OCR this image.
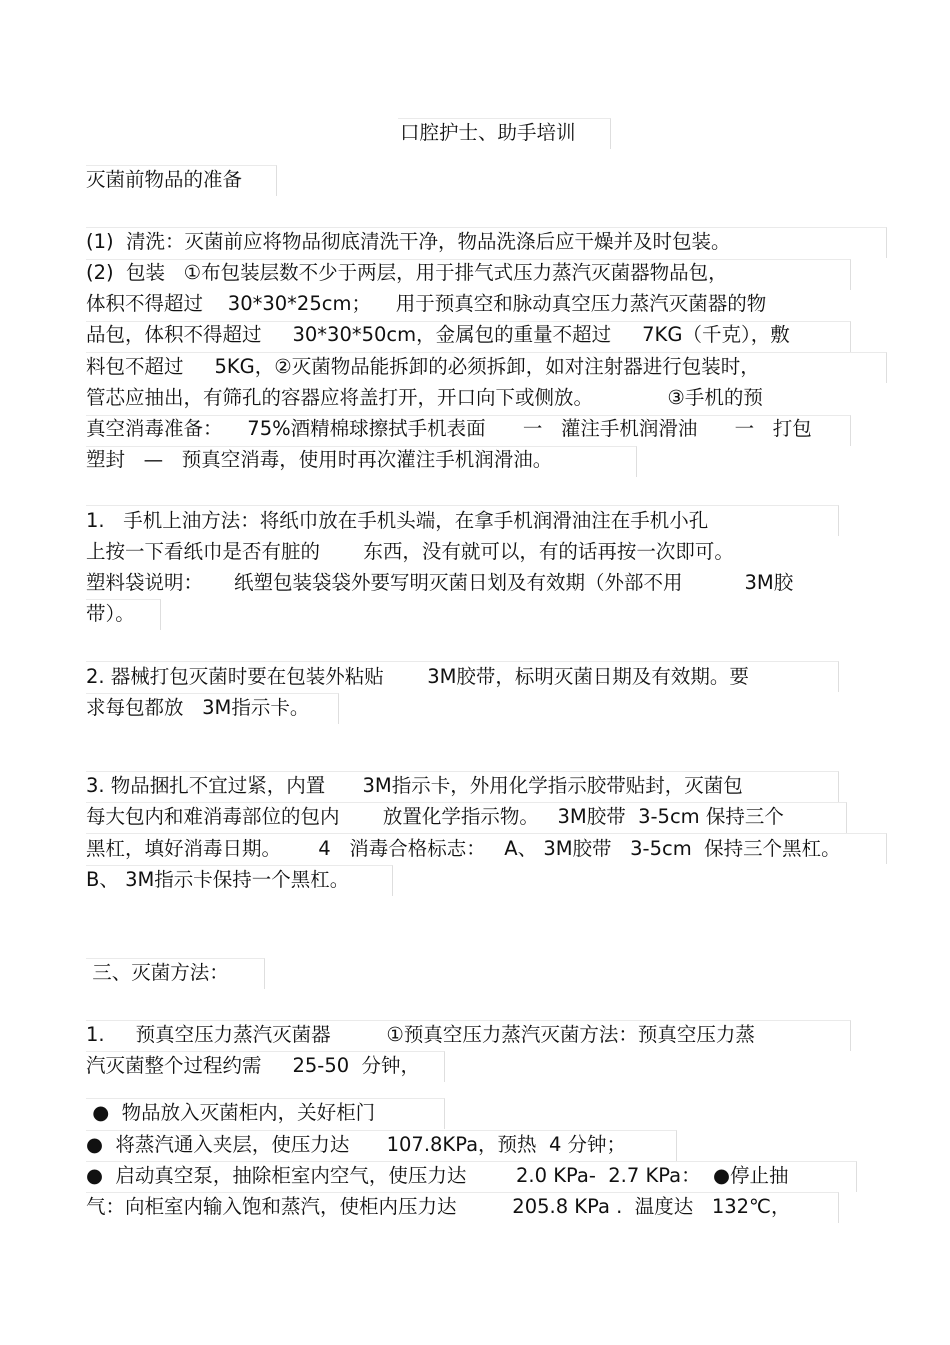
口腔护士、助手培训
灭菌前物品的准备
(1)  清洗：灭菌前应将物品彻底清洗干净，物品洗涤后应干燥并及时包装。
(2)  包装   ①布包装层数不少于两层，用于排气式压力蒸汽灭菌器物品包，
体积不得超过    30*30*25cm；    用于预真空和脉动真空压力蒸汽灭菌器的物
品包，体积不得超过     30*30*50cm，金属包的重量不超过     7KG（千克），敷
料包不超过     5KG，②灭菌物品能拆卸的必须拆卸，如对注射器进行包装时，
管芯应抽出，有筛孔的容器应将盖打开，开口向下或侧放。            ③手机的预
真空消毒准备：    75%酒精棉球擦拭手机表面      一   灌注手机润滑油      一   打包
塑封   —   预真空消毒，使用时再次灌注手机润滑油。
1.   手机上油方法：将纸巾放在手机头端，在拿手机润滑油注在手机小孔
上按一下看纸巾是否有脏的       东西，没有就可以，有的话再按一次即可。
塑料袋说明：     纸塑包装袋袋外要写明灭菌日划及有效期（外部不用          3M胶
带）。
2. 器械打包灭菌时要在包装外粘贴       3M胶带，标明灭菌日期及有效期。要
求每包都放   3M指示卡。
3. 物品捆扎不宜过紧，内置      3M指示卡，外用化学指示胶带贴封，灭菌包
每大包内和难消毒部位的包内       放置化学指示物。   3M胶带  3-5cm 保持三个
黑杠，填好消毒日期。      4   消毒合格标志：   A、 3M胶带   3-5cm  保持三个黑杠。
B、 3M指示卡保持一个黑杠。
三、灭菌方法：
1.     预真空压力蒸汽灭菌器         ①预真空压力蒸汽灭菌方法：预真空压力蒸
汽灭菌整个过程约需     25-50  分钟，
●  物品放入灭菌柜内，关好柜门
●  将蒸汽通入夹层，使压力达      107.8KPa，预热  4 分钟；
●  启动真空泵，抽除柜室内空气，使压力达        2.0 KPa-  2.7 KPa：  ●停止抽
气：向柜室内输入饱和蒸汽，使柜内压力达         205.8 KPa .  温度达   132℃，
